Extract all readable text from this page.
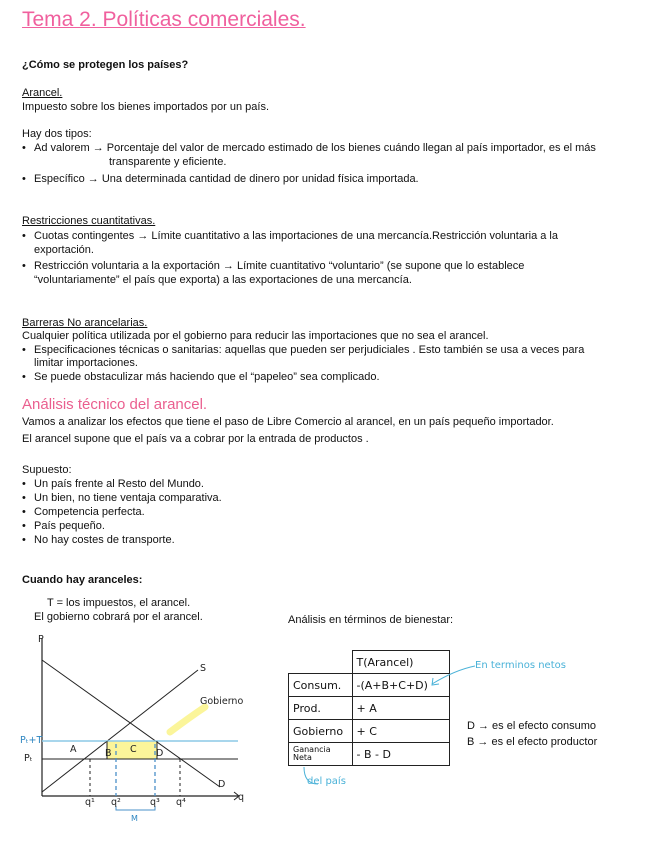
Tema 2. Políticas comerciales.
¿Cómo se protegen los países?
Arancel.
Impuesto sobre los bienes importados por un país.
Hay dos tipos:
• Ad valorem → Porcentaje del valor de mercado estimado de los bienes cuándo llegan al país importador, es el más
transparente y eficiente.
• Específico → Una determinada cantidad de dinero por unidad física importada.
Restricciones cuantitativas.
• Cuotas contingentes → Límite cuantitativo a las importaciones de una mercancía.Restricción voluntaria a la
exportación.
• Restricción voluntaria a la exportación → Límite cuantitativo “voluntario” (se supone que lo establece
“voluntariamente” el país que exporta) a las exportaciones de una mercancía.
Barreras No arancelarias.
Cualquier política utilizada por el gobierno para reducir las importaciones que no sea el arancel.
• Especificaciones técnicas o sanitarias: aquellas que pueden ser perjudiciales . Esto también se usa a veces para
limitar importaciones.
• Se puede obstaculizar más haciendo que el “papeleo” sea complicado.
Análisis técnico del arancel.
Vamos a analizar los efectos que tiene el paso de Libre Comercio al arancel, en un país pequeño importador.
El arancel supone que el país va a cobrar por la entrada de productos .
Supuesto:
• Un país frente al Resto del Mundo.
• Un bien, no tiene ventaja comparativa.
• Competencia perfecta.
• País pequeño.
• No hay costes de transporte.
Cuando hay aranceles:
T = los impuestos, el arancel.
El gobierno cobrará por el arancel.	Análisis en términos de bienestar:
P
S
Gobierno
Pₜ+T
Pₜ
A	B C D
D
q
q¹ q²	q³ q⁴
M
	T(Arancel)
Consum.	-(A+B+C+D)
Prod.	+ A
Gobierno	+ C
Ganancia Neta	- B - D
En terminos netos
del país
D → es el efecto consumo
B → es el efecto productor
